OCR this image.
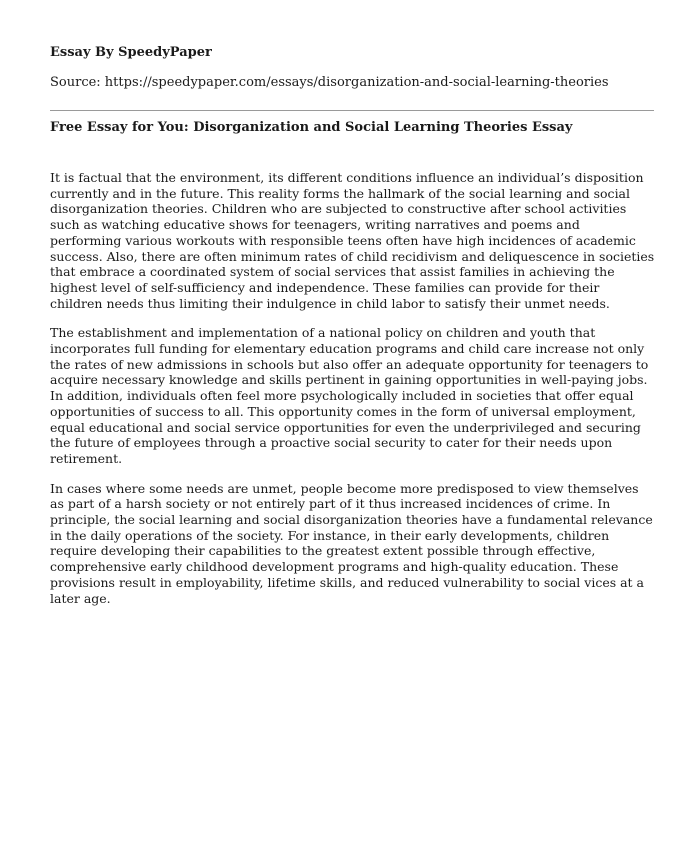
Essay By SpeedyPaper

Source: https://speedypaper.com/essays/disorganization-and-social-learning-theories

Free Essay for You: Disorganization and Social Learning Theories Essay

It is factual that the environment, its different conditions influence an individual’s disposition currently and in the future. This reality forms the hallmark of the social learning and social disorganization theories. Children who are subjected to constructive after school activities such as watching educative shows for teenagers, writing narratives and poems and performing various workouts with responsible teens often have high incidences of academic success. Also, there are often minimum rates of child recidivism and deliquescence in societies that embrace a coordinated system of social services that assist families in achieving the highest level of self-sufficiency and independence. These families can provide for their children needs thus limiting their indulgence in child labor to satisfy their unmet needs.

The establishment and implementation of a national policy on children and youth that incorporates full funding for elementary education programs and child care increase not only the rates of new admissions in schools but also offer an adequate opportunity for teenagers to acquire necessary knowledge and skills pertinent in gaining opportunities in well-paying jobs. In addition, individuals often feel more psychologically included in societies that offer equal opportunities of success to all. This opportunity comes in the form of universal employment, equal educational and social service opportunities for even the underprivileged and securing the future of employees through a proactive social security to cater for their needs upon retirement.

In cases where some needs are unmet, people become more predisposed to view themselves as part of a harsh society or not entirely part of it thus increased incidences of crime. In principle, the social learning and social disorganization theories have a fundamental relevance in the daily operations of the society. For instance, in their early developments, children require developing their capabilities to the greatest extent possible through effective, comprehensive early childhood development programs and high-quality education. These provisions result in employability, lifetime skills, and reduced vulnerability to social vices at a later age.
